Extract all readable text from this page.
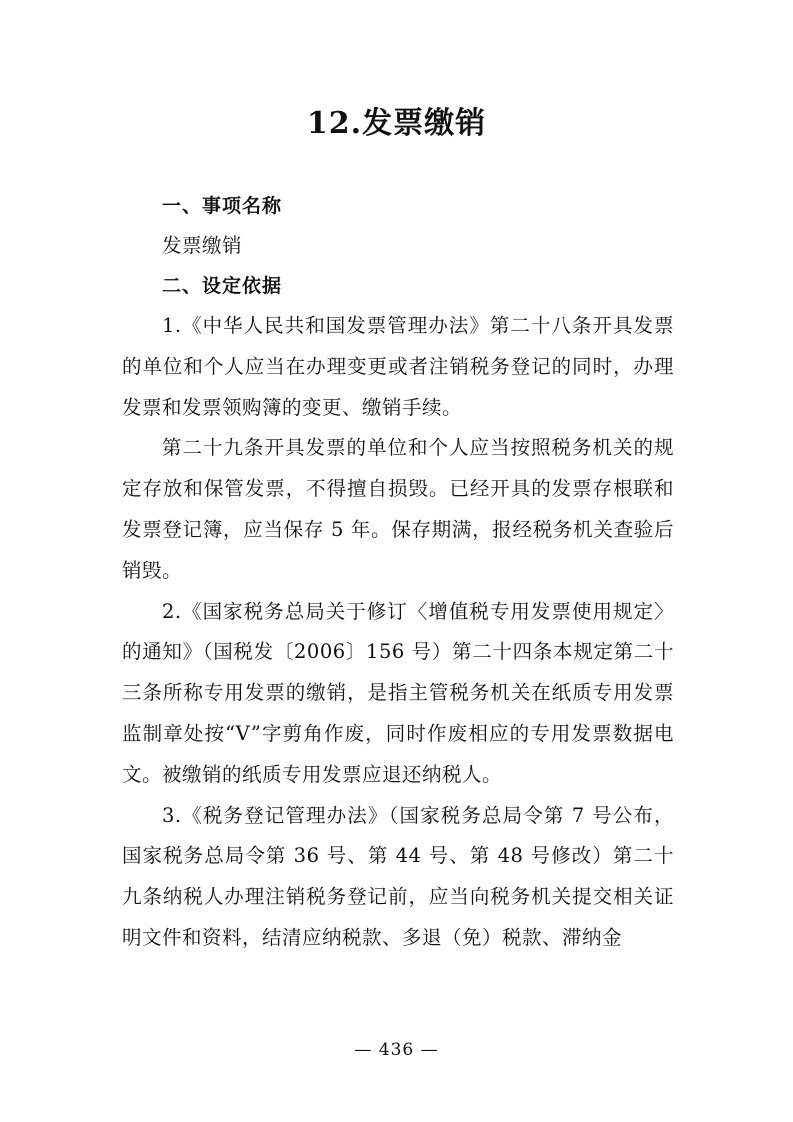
12.发票缴销
一、事项名称
发票缴销
二、设定依据

1.《中华人民共和国发票管理办法》第二十八条开具发票的单位和个人应当在办理变更或者注销税务登记的同时，办理发票和发票领购簿的变更、缴销手续。

第二十九条开具发票的单位和个人应当按照税务机关的规定存放和保管发票，不得擅自损毁。已经开具的发票存根联和发票登记簿，应当保存 5 年。保存期满，报经税务机关查验后销毁。

2.《国家税务总局关于修订〈增值税专用发票使用规定〉的通知》（国税发〔2006〕156 号）第二十四条本规定第二十三条所称专用发票的缴销，是指主管税务机关在纸质专用发票监制章处按“V”字剪角作废，同时作废相应的专用发票数据电文。被缴销的纸质专用发票应退还纳税人。

3.《税务登记管理办法》（国家税务总局令第 7 号公布，国家税务总局令第 36 号、第 44 号、第 48 号修改）第二十九条纳税人办理注销税务登记前，应当向税务机关提交相关证明文件和资料，结清应纳税款、多退（免）税款、滞纳金

— 436 —
